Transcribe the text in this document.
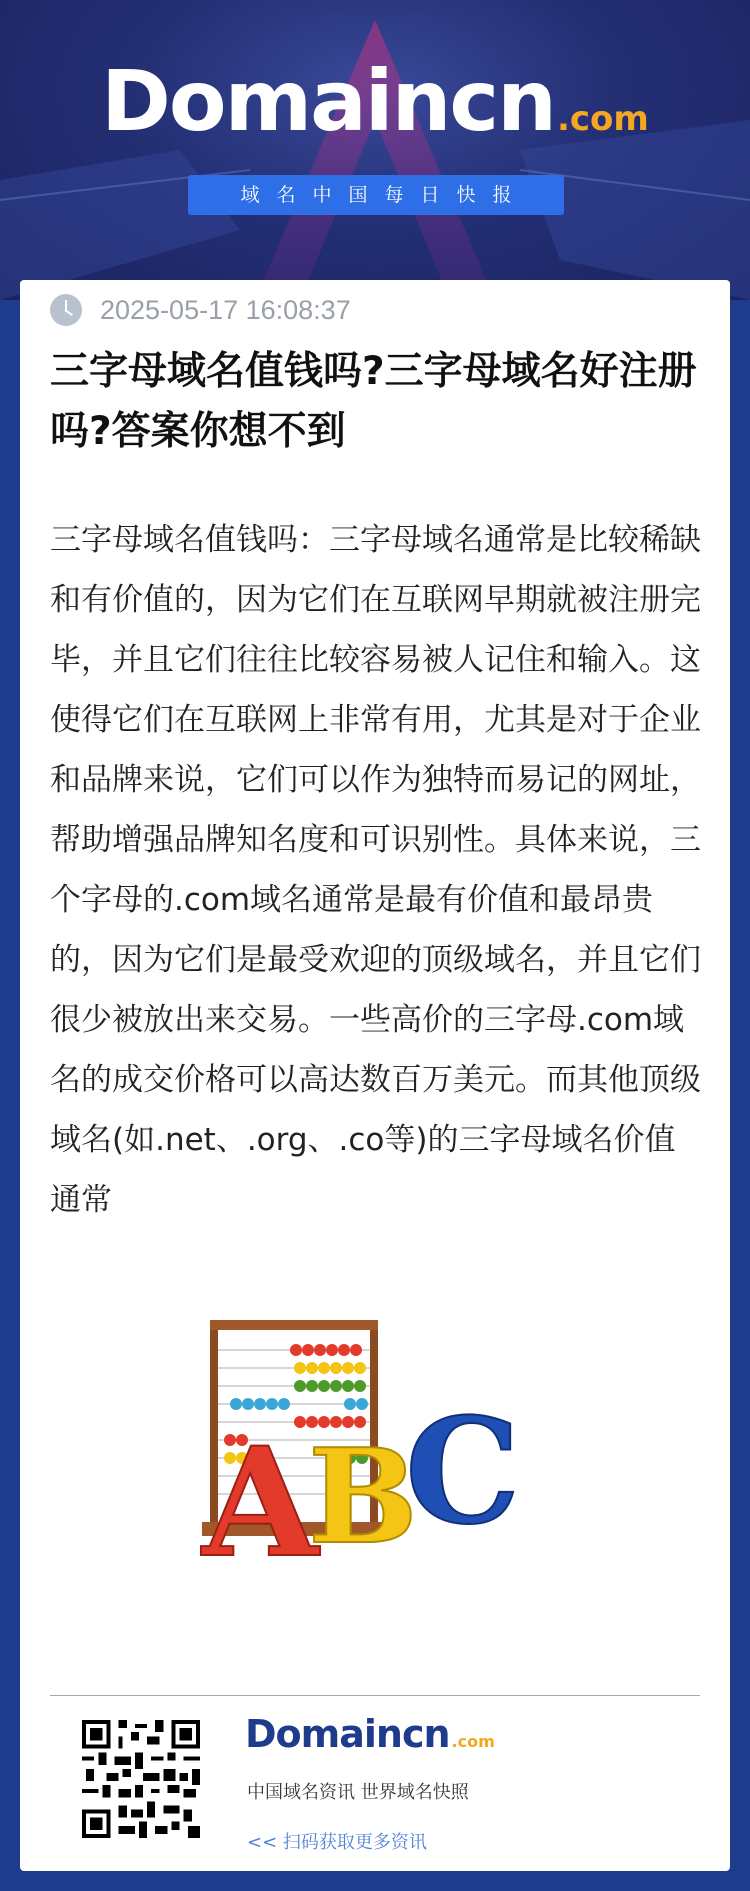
Domaincn.com
域名中国每日快报
2025-05-17 16:08:37
三字母域名值钱吗?三字母域名好注册吗?答案你想不到

三字母域名值钱吗：三字母域名通常是比较稀缺和有价值的，因为它们在互联网早期就被注册完毕，并且它们往往比较容易被人记住和输入。这使得它们在互联网上非常有用，尤其是对于企业和品牌来说，它们可以作为独特而易记的网址，帮助增强品牌知名度和可识别性。具体来说，三个字母的.com域名通常是最有价值和最昂贵的，因为它们是最受欢迎的顶级域名，并且它们很少被放出来交易。一些高价的三字母.com域名的成交价格可以高达数百万美元。而其他顶级域名(如.net、.org、.co等)的三字母域名价值通常

A
B
C
Domaincn .com
中国域名资讯 世界域名快照
<< 扫码获取更多资讯
